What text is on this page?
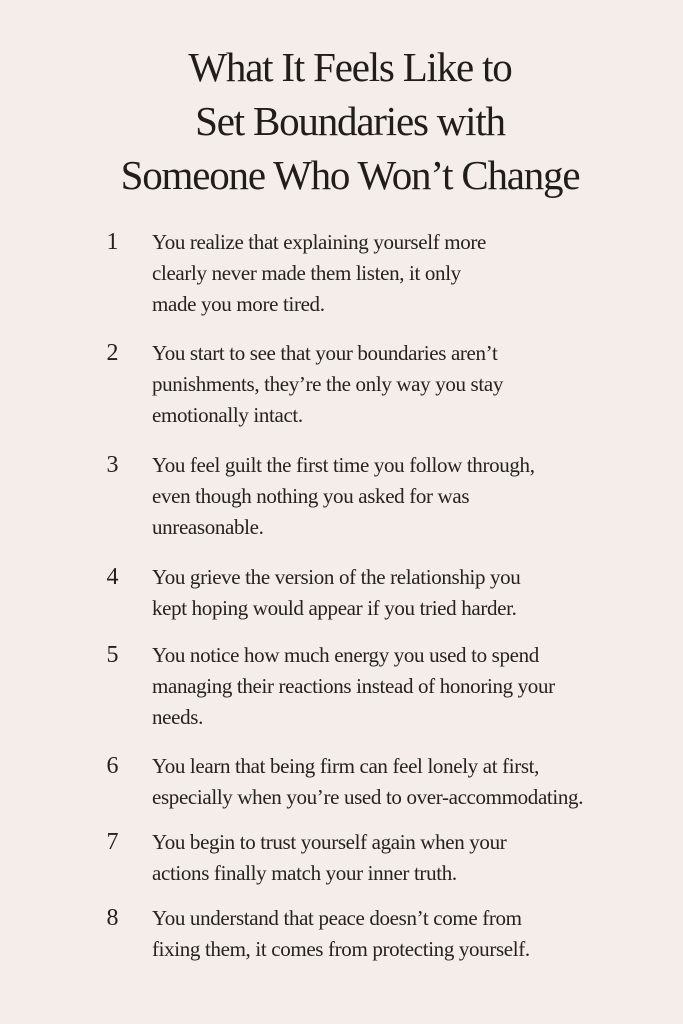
What It Feels Like to
Set Boundaries with
Someone Who Won’t Change
1	You realize that explaining yourself more
clearly never made them listen, it only
made you more tired.
2	You start to see that your boundaries aren’t
punishments, they’re the only way you stay
emotionally intact.
3	You feel guilt the first time you follow through,
even though nothing you asked for was
unreasonable.
4	You grieve the version of the relationship you
kept hoping would appear if you tried harder.
5	You notice how much energy you used to spend
managing their reactions instead of honoring your
needs.
6	You learn that being firm can feel lonely at first,
especially when you’re used to over-accommodating.
7	You begin to trust yourself again when your
actions finally match your inner truth.
8	You understand that peace doesn’t come from
fixing them, it comes from protecting yourself.
